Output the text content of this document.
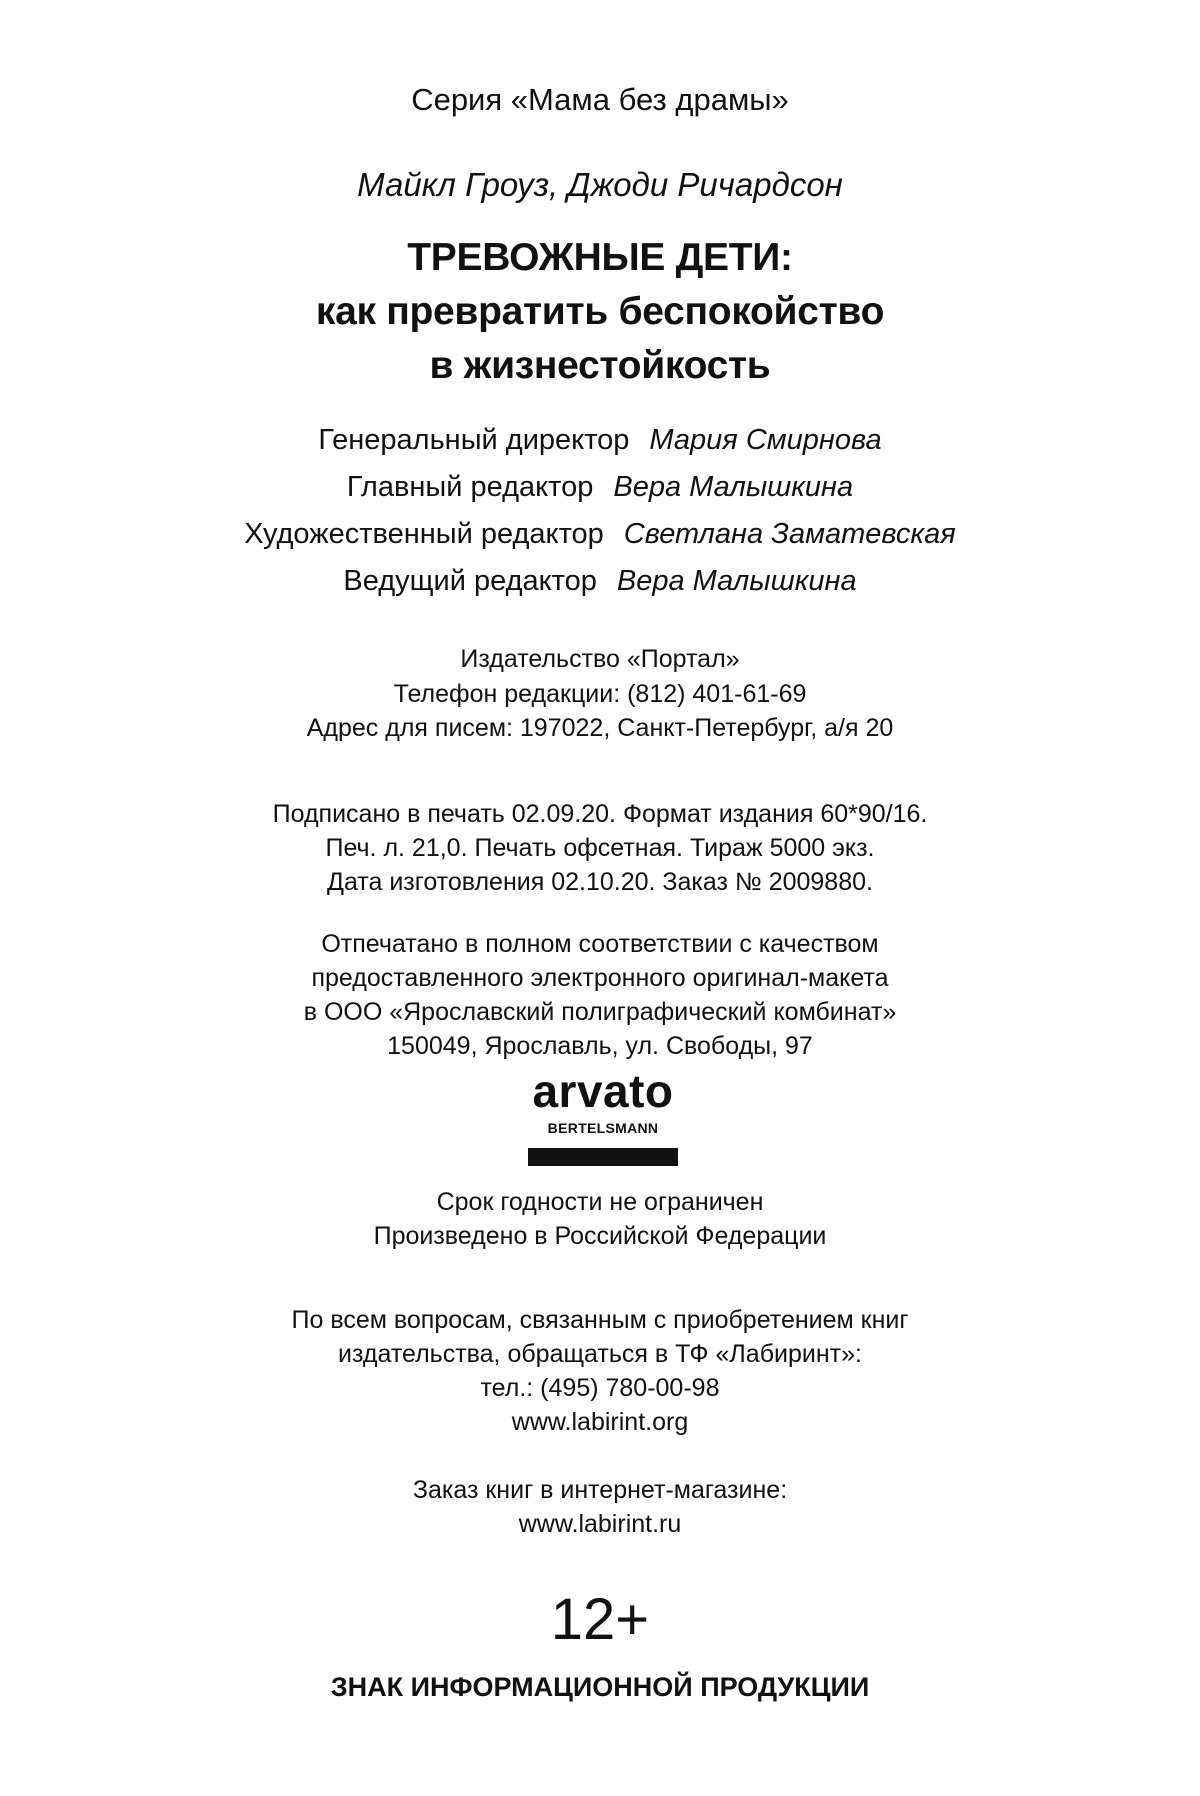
Серия «Мама без драмы»
Майкл Гроуз, Джоди Ричардсон
ТРЕВОЖНЫЕ ДЕТИ:
как превратить беспокойство
в жизнестойкость
Генеральный директор Мария Смирнова
Главный редактор Вера Малышкина
Художественный редактор Светлана Заматевская
Ведущий редактор Вера Малышкина
Издательство «Портал»
Телефон редакции: (812) 401-61-69
Адрес для писем: 197022, Санкт-Петербург, а/я 20
Подписано в печать 02.09.20. Формат издания 60*90/16.
Печ. л. 21,0. Печать офсетная. Тираж 5000 экз.
Дата изготовления 02.10.20. Заказ № 2009880.
Отпечатано в полном соответствии с качеством
предоставленного электронного оригинал-макета
в ООО «Ярославский полиграфический комбинат»
150049, Ярославль, ул. Свободы, 97
arvato
BERTELSMANN
Срок годности не ограничен
Произведено в Российской Федерации
По всем вопросам, связанным с приобретением книг
издательства, обращаться в ТФ «Лабиринт»:
тел.: (495) 780-00-98
www.labirint.org
Заказ книг в интернет-магазине:
www.labirint.ru
12+
ЗНАК ИНФОРМАЦИОННОЙ ПРОДУКЦИИ
